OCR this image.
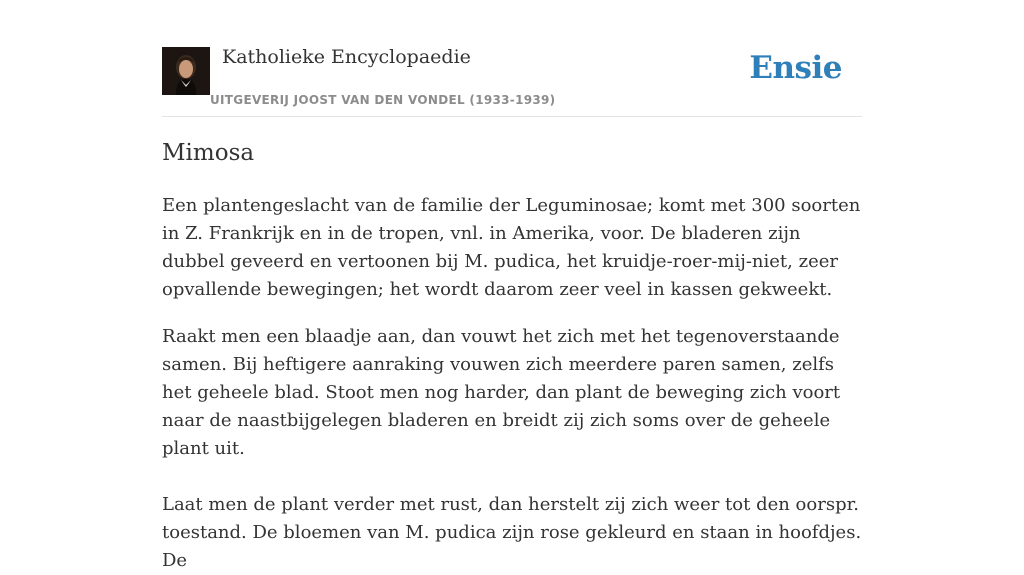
Katholieke Encyclopaedie
UITGEVERIJ JOOST VAN DEN VONDEL (1933-1939)
Ensie
Mimosa

Een plantengeslacht van de familie der Leguminosae; komt met 300 soorten in Z. Frankrijk en in de tropen, vnl. in Amerika, voor. De bladeren zijn dubbel geveerd en vertoonen bij M. pudica, het kruidje-roer-mij-niet, zeer opvallende bewegingen; het wordt daarom zeer veel in kassen gekweekt.

Raakt men een blaadje aan, dan vouwt het zich met het tegenoverstaande samen. Bij heftigere aanraking vouwen zich meerdere paren samen, zelfs het geheele blad. Stoot men nog harder, dan plant de beweging zich voort naar de naastbijgelegen bladeren en breidt zij zich soms over de geheele plant uit.

Laat men de plant verder met rust, dan herstelt zij zich weer tot den oorspr. toestand. De bloemen van M. pudica zijn rose gekleurd en staan in hoofdjes. De
